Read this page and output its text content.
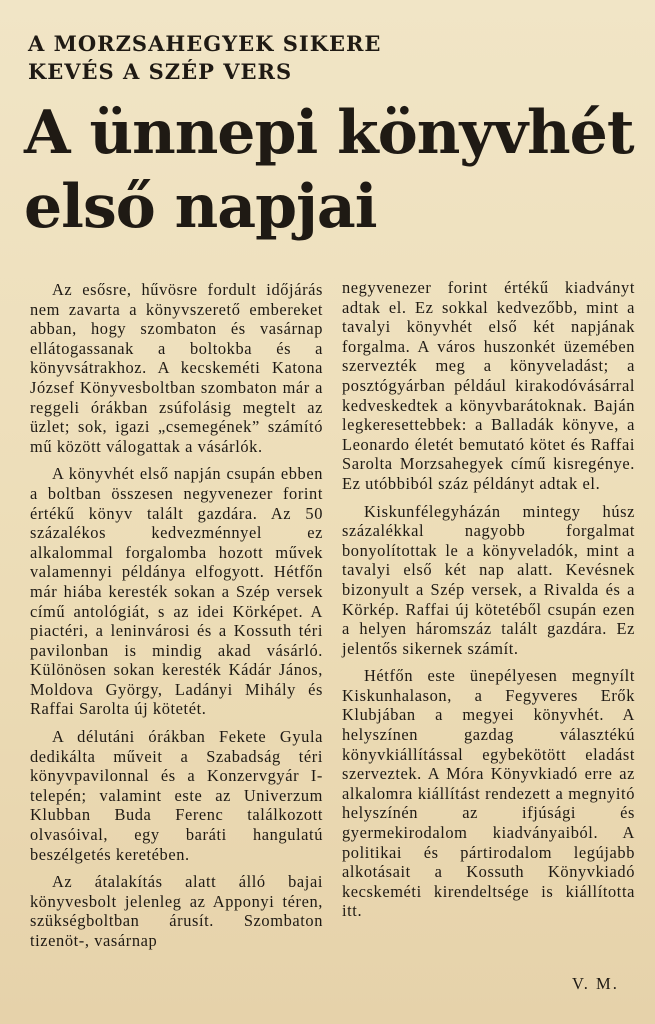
A MORZSAHEGYEK SIKERE
KEVÉS A SZÉP VERS
A ünnepi könyvhét
első napjai

Az esősre, hűvösre fordult időjárás nem zavarta a könyvszerető embereket abban, hogy szombaton és vasárnap ellátogassanak a boltokba és a könyvsátrakhoz. A kecskeméti Katona József Könyvesboltban szombaton már a reggeli órákban zsúfolásig megtelt az üzlet; sok, igazi „csemegének” számító mű között válogattak a vásárlók.

A könyvhét első napján csupán ebben a boltban összesen negyvenezer forint értékű könyv talált gazdára. Az 50 százalékos kedvezménnyel ez alkalommal forgalomba hozott művek valamennyi példánya elfogyott. Hétfőn már hiába keresték sokan a Szép versek című antológiát, s az idei Körképet. A piactéri, a leninvárosi és a Kossuth téri pavilonban is mindig akad vásárló. Különösen sokan keresték Kádár János, Moldova György, Ladányi Mihály és Raffai Sarolta új kötetét.

A délutáni órákban Fekete Gyula dedikálta műveit a Szabadság téri könyvpavilonnal és a Konzervgyár I-telepén; valamint este az Univerzum Klubban Buda Ferenc találkozott olvasóival, egy baráti hangulatú beszélgetés keretében.

Az átalakítás alatt álló bajai könyvesbolt jelenleg az Apponyi téren, szükségboltban árusít. Szombaton tizenöt-, vasárnap

negyvenezer forint értékű kiadványt adtak el. Ez sokkal kedvezőbb, mint a tavalyi könyvhét első két napjának forgalma. A város huszonkét üzemében szervezték meg a könyveladást; a posztógyárban például kirakodóvásárral kedveskedtek a könyvbarátoknak. Baján legkeresettebbek: a Balladák könyve, a Leonardo életét bemutató kötet és Raffai Sarolta Morzsahegyek című kisregénye. Ez utóbbiból száz példányt adtak el.

Kiskunfélegyházán mintegy húsz százalékkal nagyobb forgalmat bonyolítottak le a könyveladók, mint a tavalyi első két nap alatt. Kevésnek bizonyult a Szép versek, a Rivalda és a Körkép. Raffai új kötetéből csupán ezen a helyen háromszáz talált gazdára. Ez jelentős sikernek számít.

Hétfőn este ünepélyesen megnyílt Kiskunhalason, a Fegyveres Erők Klubjában a megyei könyvhét. A helyszínen gazdag választékú könyvkiállítással egybekötött eladást szerveztek. A Móra Könyvkiadó erre az alkalomra kiállítást rendezett a megnyitó helyszínén az ifjúsági és gyermekirodalom kiadványaiból. A politikai és pártirodalom legújabb alkotásait a Kossuth Könyvkiadó kecskeméti kirendeltsége is kiállította itt.

V. M.
